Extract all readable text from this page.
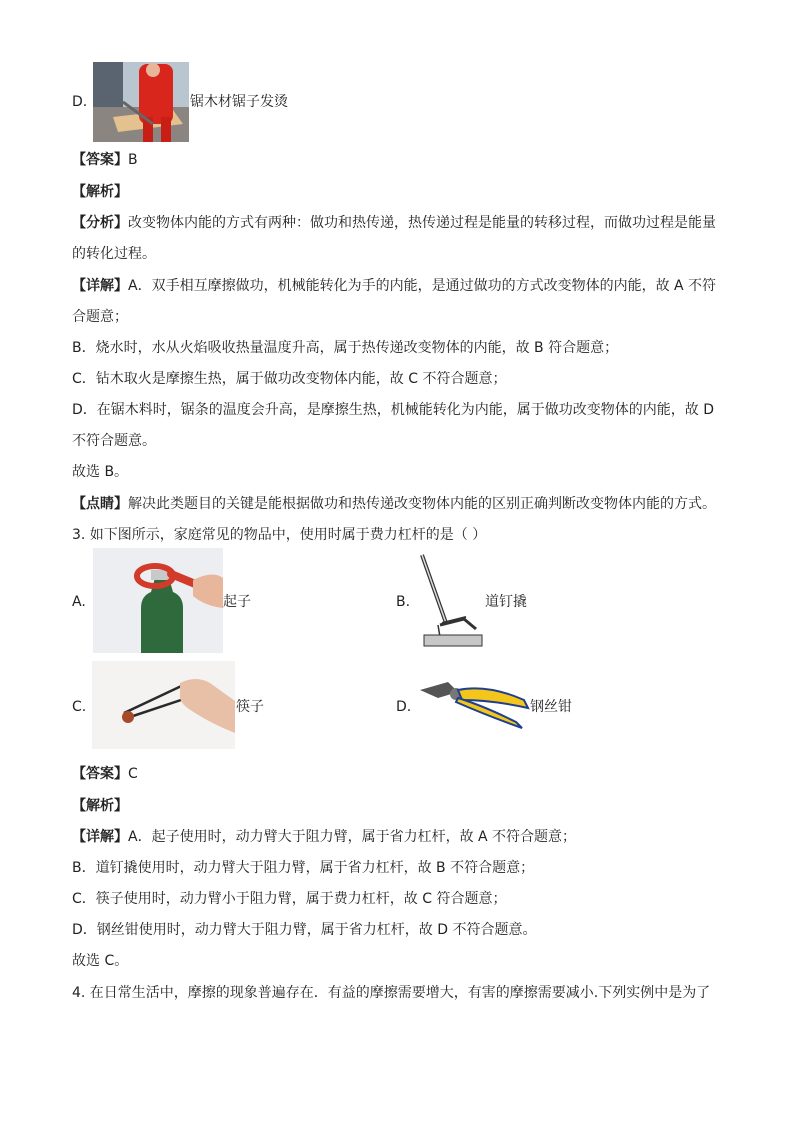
D.	锯木材锯子发烫
【答案】B
【解析】
【分析】改变物体内能的方式有两种：做功和热传递，热传递过程是能量的转移过程，而做功过程是能量
的转化过程。
【详解】A．双手相互摩擦做功，机械能转化为手的内能，是通过做功的方式改变物体的内能，故 A 不符
合题意；
B．烧水时，水从火焰吸收热量温度升高，属于热传递改变物体的内能，故 B 符合题意；
C．钻木取火是摩擦生热，属于做功改变物体内能，故 C 不符合题意；
D．在锯木料时，锯条的温度会升高，是摩擦生热，机械能转化为内能，属于做功改变物体的内能，故 D
不符合题意。
故选 B。
【点睛】解决此类题目的关键是能根据做功和热传递改变物体内能的区别正确判断改变物体内能的方式。
3. 如下图所示，家庭常见的物品中，使用时属于费力杠杆的是（ ）
A.	起子	B.	道钉撬
C.	筷子	D.	钢丝钳
【答案】C
【解析】
【详解】A．起子使用时，动力臂大于阻力臂，属于省力杠杆，故 A 不符合题意；
B．道钉撬使用时，动力臂大于阻力臂，属于省力杠杆，故 B 不符合题意；
C．筷子使用时，动力臂小于阻力臂，属于费力杠杆，故 C 符合题意；
D．钢丝钳使用时，动力臂大于阻力臂，属于省力杠杆，故 D 不符合题意。
故选 C。
4. 在日常生活中，摩擦的现象普遍存在．有益的摩擦需要增大，有害的摩擦需要减小.下列实例中是为了
